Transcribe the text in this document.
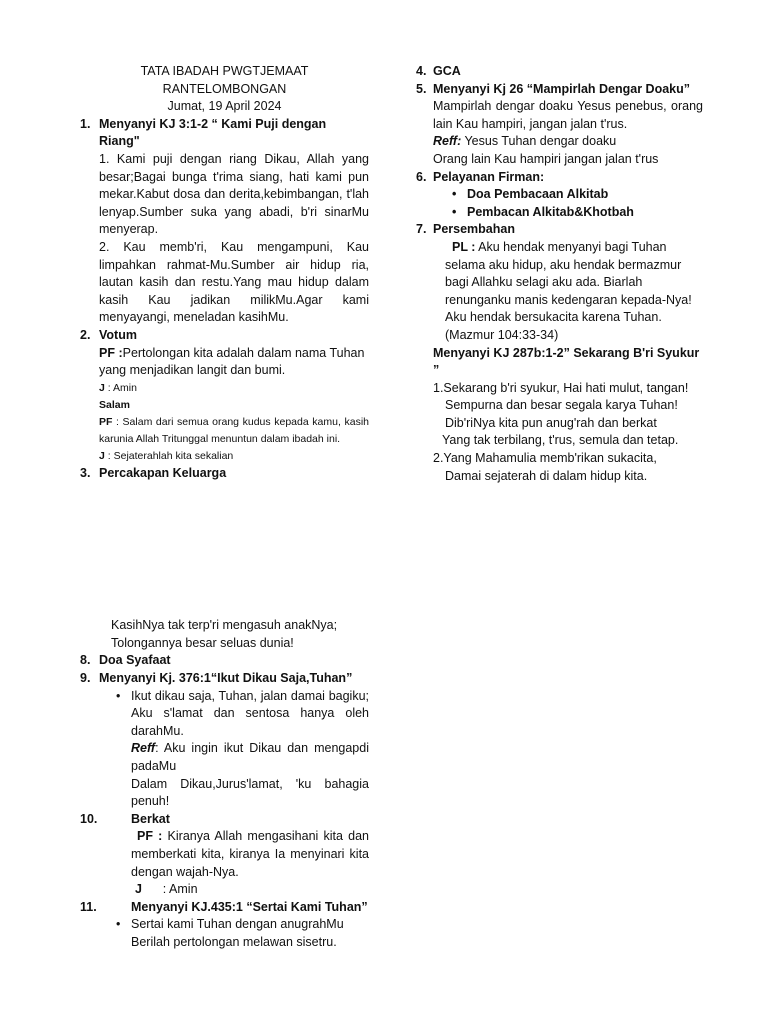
TATA IBADAH PWGTJEMAAT RANTELOMBONGAN

Jumat, 19 April 2024

1. Menyanyi KJ 3:1-2 “ Kami Puji dengan Riang"

1. Kami puji dengan riang Dikau, Allah yang besar;Bagai bunga t'rima siang, hati kami pun mekar.Kabut dosa dan derita,kebimbangan, t'lah lenyap.Sumber suka yang abadi, b'ri sinarMu menyerap.

2. Kau memb'ri, Kau mengampuni, Kau limpahkan rahmat-Mu.Sumber air hidup ria, lautan kasih dan restu.Yang mau hidup dalam kasih Kau jadikan milikMu.Agar kami menyayangi, meneladan kasihMu.

2. Votum

PF :Pertolongan kita adalah dalam nama Tuhan yang menjadikan langit dan bumi.

J : Amin

Salam

PF : Salam dari semua orang kudus kepada kamu, kasih karunia Allah Tritunggal menuntun dalam ibadah ini.

J : Sejaterahlah kita sekalian

3. Percakapan Keluarga

KasihNya tak terp'ri mengasuh anakNya;

Tolongannya besar seluas dunia!

8. Doa Syafaat
9. Menyanyi Kj. 376:1“Ikut Dikau Saja,Tuhan”
• Ikut dikau saja, Tuhan, jalan damai bagiku; Aku s'lamat dan sentosa hanya oleh darahMu.

Reff: Aku ingin ikut Dikau dan mengapdi padaMu

Dalam Dikau,Jurus'lamat, 'ku bahagia penuh!

10.	Berkat

PF : Kiranya Allah mengasihani kita dan memberkati kita, kiranya Ia menyinari kita dengan wajah-Nya.

J      : Amin

11.	Menyanyi KJ.435:1 “Sertai Kami Tuhan”
• Sertai kami Tuhan dengan anugrahMu

Berilah pertolongan melawan sisetru.

4. GCA
5. Menyanyi Kj 26 “Mampirlah Dengar Doaku”

Mampirlah dengar doaku Yesus penebus, orang lain Kau hampiri, jangan jalan t'rus.

Reff: Yesus Tuhan dengar doaku

Orang lain Kau hampiri jangan jalan t'rus

6. Pelayanan Firman:
• Doa Pembacaan Alkitab
• Pembacan Alkitab&Khotbah
7. Persembahan

PL : Aku hendak menyanyi bagi Tuhan

selama aku hidup, aku hendak bermazmur

bagi Allahku selagi aku ada. Biarlah

renunganku manis kedengaran kepada-Nya!

Aku hendak bersukacita karena Tuhan.

(Mazmur 104:33-34)

Menyanyi KJ 287b:1-2” Sekarang B'ri Syukur ”

1.Sekarang b'ri syukur, Hai hati mulut, tangan!

Sempurna dan besar segala karya Tuhan!

Dib'riNya kita pun anug'rah dan berkat

Yang tak terbilang, t'rus, semula dan tetap.

2.Yang Mahamulia memb'rikan sukacita,

Damai sejaterah di dalam hidup kita.
